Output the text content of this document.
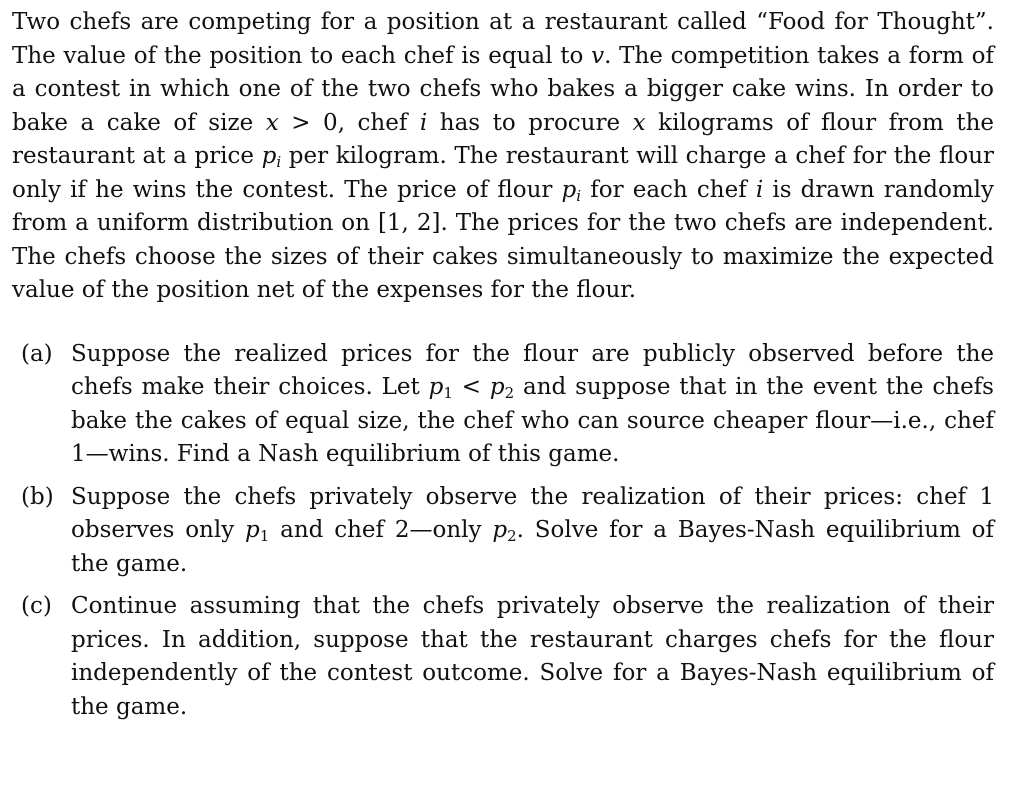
Two chefs are competing for a position at a restaurant called “Food for Thought”. The value of the position to each chef is equal to v. The competition takes a form of a contest in which one of the two chefs who bakes a bigger cake wins. In order to bake a cake of size x > 0, chef i has to procure x kilograms of flour from the restaurant at a price $p_i$ per kilogram. The restaurant will charge a chef for the flour only if he wins the contest. The price of flour $p_i$ for each chef i is drawn randomly from a uniform distribution on [1, 2]. The prices for the two chefs are independent. The chefs choose the sizes of their cakes simultaneously to maximize the expected value of the position net of the expenses for the flour.

(a) Suppose the realized prices for the flour are publicly observed before the chefs make their choices. Let $p_1 < p_2$ and suppose that in the event the chefs bake the cakes of equal size, the chef who can source cheaper flour—i.e., chef 1—wins. Find a Nash equilibrium of this game.
(b) Suppose the chefs privately observe the realization of their prices: chef 1 observes only $p_1$ and chef 2—only $p_2$. Solve for a Bayes-Nash equilibrium of the game.
(c) Continue assuming that the chefs privately observe the realization of their prices. In addition, suppose that the restaurant charges chefs for the flour independently of the contest outcome. Solve for a Bayes-Nash equilibrium of the game.
